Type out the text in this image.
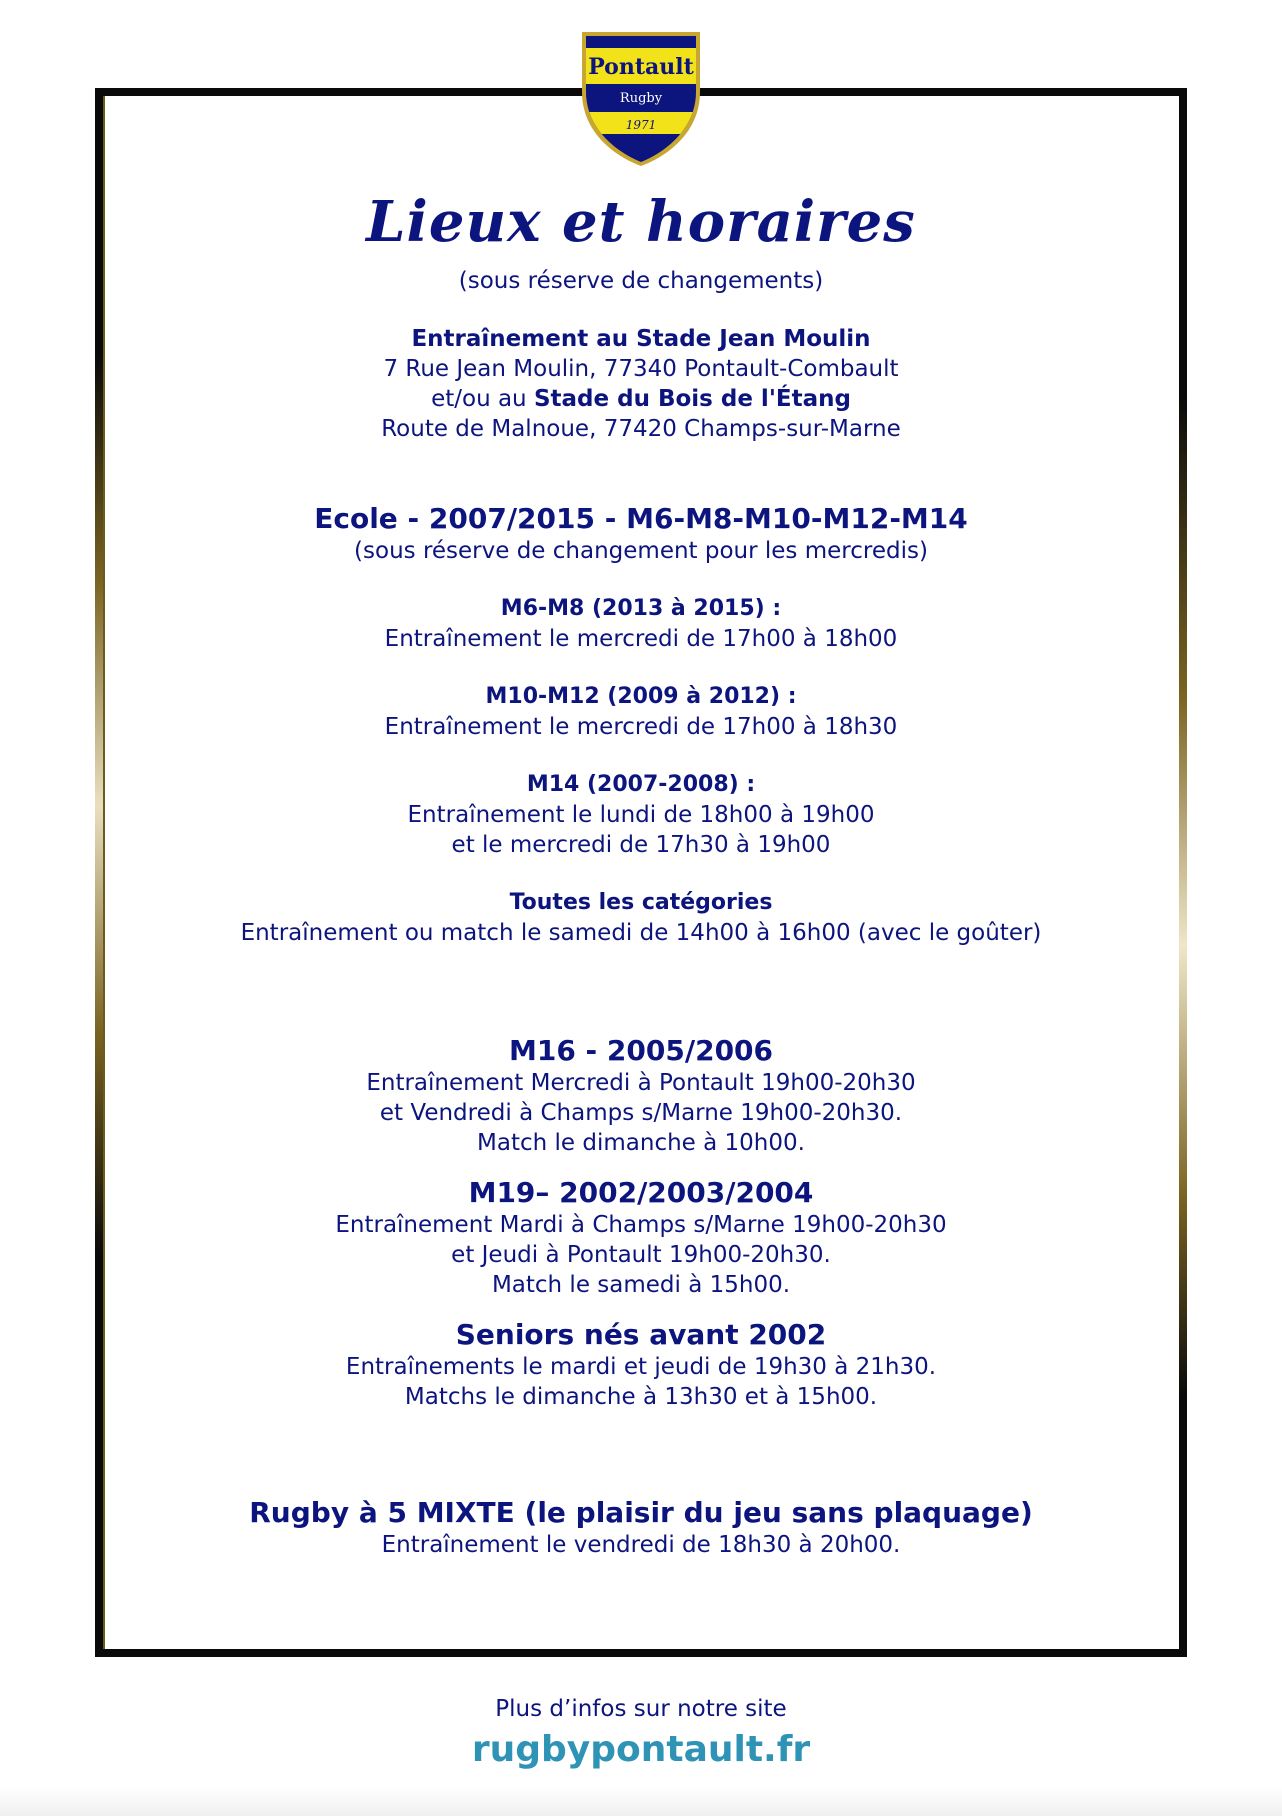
Pontault
Rugby
1971
Lieux et horaires
(sous réserve de changements)
Entraînement au Stade Jean Moulin
7 Rue Jean Moulin, 77340 Pontault-Combault
et/ou au Stade du Bois de l'Étang
Route de Malnoue, 77420 Champs-sur-Marne
Ecole - 2007/2015 - M6-M8-M10-M12-M14
(sous réserve de changement pour les mercredis)
M6-M8 (2013 à 2015) :
Entraînement le mercredi de 17h00 à 18h00
M10-M12 (2009 à 2012) :
Entraînement le mercredi de 17h00 à 18h30
M14 (2007-2008) :
Entraînement le lundi de 18h00 à 19h00
et le mercredi de 17h30 à 19h00
Toutes les catégories
Entraînement ou match le samedi de 14h00 à 16h00 (avec le goûter)
M16 - 2005/2006
Entraînement Mercredi à Pontault 19h00-20h30
et Vendredi à Champs s/Marne 19h00-20h30.
Match le dimanche à 10h00.
M19– 2002/2003/2004
Entraînement Mardi à Champs s/Marne 19h00-20h30
et Jeudi à Pontault 19h00-20h30.
Match le samedi à 15h00.
Seniors nés avant 2002
Entraînements le mardi et jeudi de 19h30 à 21h30.
Matchs le dimanche à 13h30 et à 15h00.
Rugby à 5 MIXTE (le plaisir du jeu sans plaquage)
Entraînement le vendredi de 18h30 à 20h00.
Plus d’infos sur notre site
rugbypontault.fr
